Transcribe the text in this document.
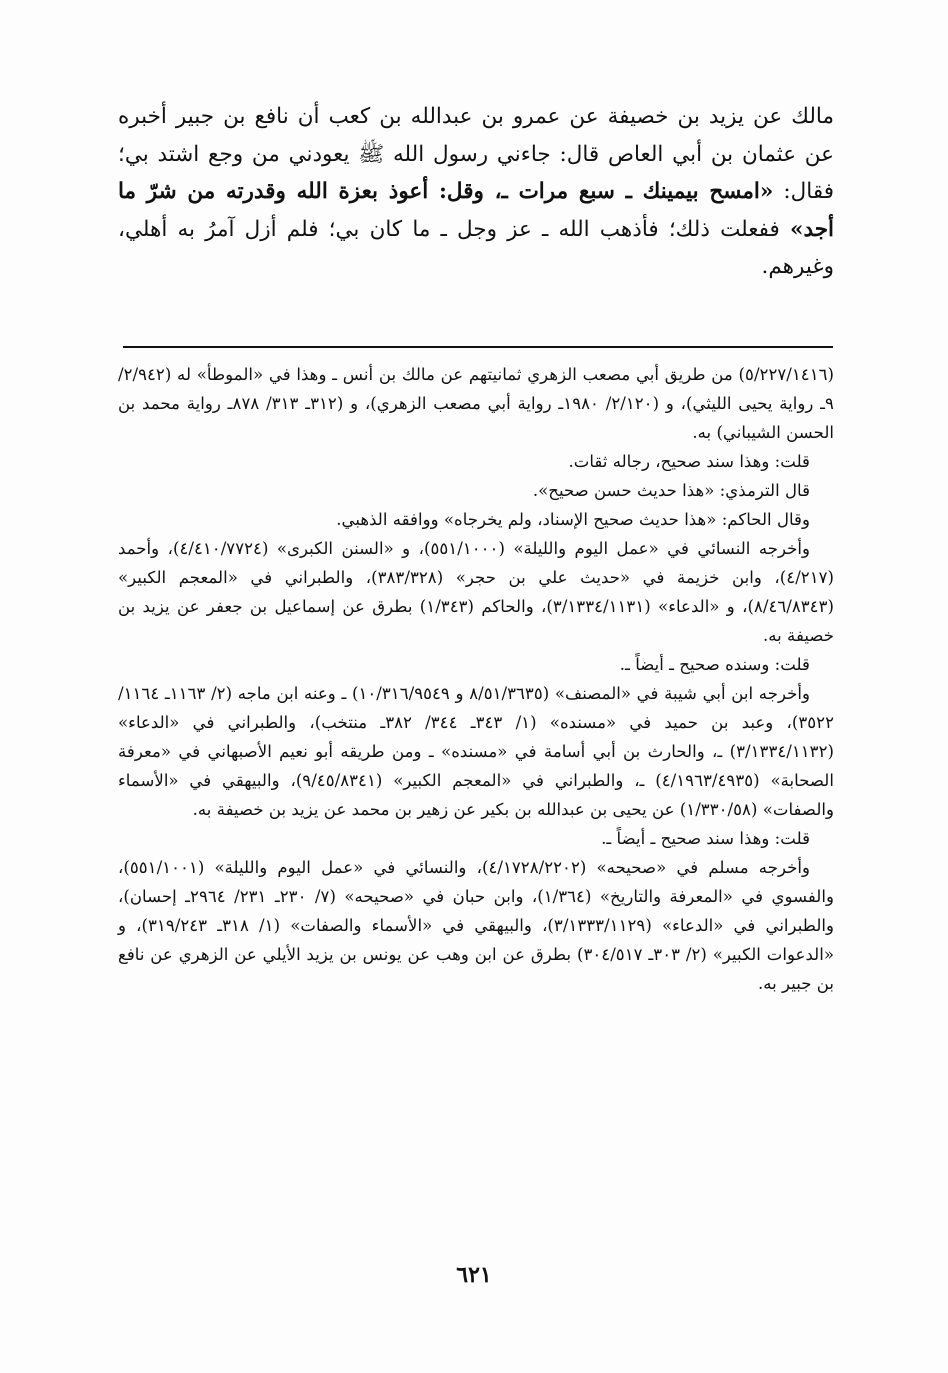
مالك عن يزيد بن خصيفة عن عمرو بن عبدالله بن كعب أن نافع بن جبير أخبره عن عثمان بن أبي العاص قال: جاءني رسول الله ﷺ يعودني من وجع اشتد بي؛ فقال: «امسح بيمينك ـ سبع مرات ـ، وقل: أعوذ بعزة الله وقدرته من شرّ ما أجد» ففعلت ذلك؛ فأذهب الله ـ عز وجل ـ ما كان بي؛ فلم أزل آمرُ به أهلي، وغيرهم.

(٥/٢٢٧/١٤١٦) من طريق أبي مصعب الزهري ثمانيتهم عن مالك بن أنس ـ وهذا في «الموطأ» له (٢/٩٤٢/ ٩ـ رواية يحيى الليثي)، و (٢/١٢٠/ ١٩٨٠ـ رواية أبي مصعب الزهري)، و (٣١٢ـ ٣١٣/ ٨٧٨ـ رواية محمد بن الحسن الشيباني) به.

قلت: وهذا سند صحيح، رجاله ثقات.

قال الترمذي: «هذا حديث حسن صحيح».

وقال الحاكم: «هذا حديث صحيح الإسناد، ولم يخرجاه» ووافقه الذهبي.

وأخرجه النسائي في «عمل اليوم والليلة» (٥٥١/١٠٠٠)، و «السنن الكبرى» (٤/٤١٠/٧٧٢٤)، وأحمد (٤/٢١٧)، وابن خزيمة في «حديث علي بن حجر» (٣٨٣/٣٢٨)، والطبراني في «المعجم الكبير» (٨/٤٦/٨٣٤٣)، و «الدعاء» (٣/١٣٣٤/١١٣١)، والحاكم (١/٣٤٣) بطرق عن إسماعيل بن جعفر عن يزيد بن خصيفة به.

قلت: وسنده صحيح ـ أيضاً ـ.

وأخرجه ابن أبي شيبة في «المصنف» (٨/٥١/٣٦٣٥ و ١٠/٣١٦/٩٥٤٩) ـ وعنه ابن ماجه (٢/ ١١٦٣ـ ١١٦٤/ ٣٥٢٢)، وعبد بن حميد في «مسنده» (١/ ٣٤٣ـ ٣٤٤/ ٣٨٢ـ منتخب)، والطبراني في «الدعاء» (٣/١٣٣٤/١١٣٢) ـ، والحارث بن أبي أسامة في «مسنده» ـ ومن طريقه أبو نعيم الأصبهاني في «معرفة الصحابة» (٤/١٩٦٣/٤٩٣٥) ـ، والطبراني في «المعجم الكبير» (٩/٤٥/٨٣٤١)، والبيهقي في «الأسماء والصفات» (١/٣٣٠/٥٨) عن يحيى بن عبدالله بن بكير عن زهير بن محمد عن يزيد بن خصيفة به.

قلت: وهذا سند صحيح ـ أيضاً ـ.

وأخرجه مسلم في «صحيحه» (٤/١٧٢٨/٢٢٠٢)، والنسائي في «عمل اليوم والليلة» (٥٥١/١٠٠١)، والفسوي في «المعرفة والتاريخ» (١/٣٦٤)، وابن حبان في «صحيحه» (٧/ ٢٣٠ـ ٢٣١/ ٢٩٦٤ـ إحسان)، والطبراني في «الدعاء» (٣/١٣٣٣/١١٢٩)، والبيهقي في «الأسماء والصفات» (١/ ٣١٨ـ ٣١٩/٢٤٣)، و «الدعوات الكبير» (٢/ ٣٠٣ـ ٣٠٤/٥١٧) بطرق عن ابن وهب عن يونس بن يزيد الأيلي عن الزهري عن نافع بن جبير به.

٦٢١
